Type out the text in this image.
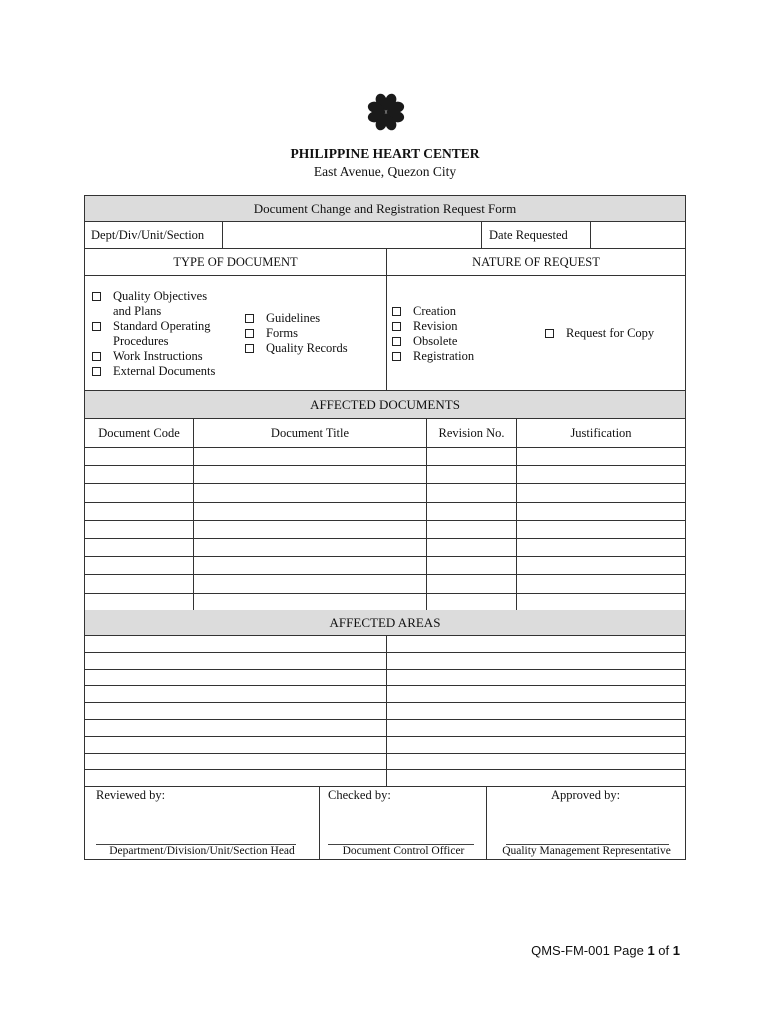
PHILIPPINE HEART CENTER
East Avenue, Quezon City
Document Change and Registration Request Form
Dept/Div/Unit/Section	Date Requested
TYPE OF DOCUMENT	NATURE OF REQUEST
Quality Objectives and Plans
Standard Operating Procedures
Work Instructions
External Documents
Guidelines
Forms
Quality Records
Creation
Revision
Obsolete
Registration
Request for Copy
AFFECTED DOCUMENTS
Document Code	Document Title	Revision No.	Justification
AFFECTED AREAS
Reviewed by:	Checked by:	Approved by:
Department/Division/Unit/Section Head	Document Control Officer	Quality Management Representative
QMS-FM-001 Page 1 of 1
